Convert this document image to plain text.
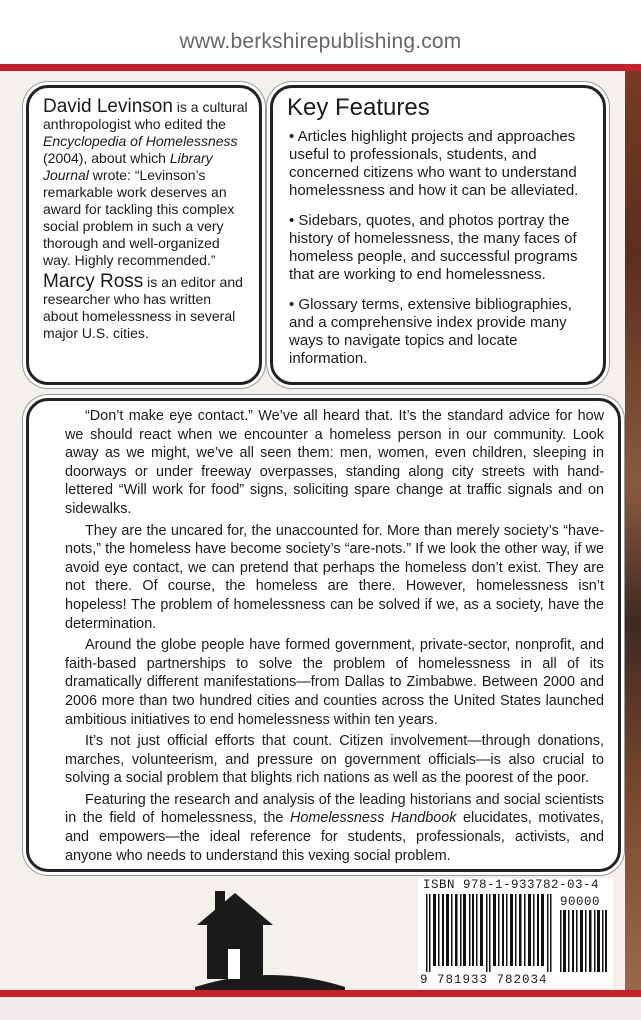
www.berkshirepublishing.com

David Levinson is a cultural anthropologist who edited the Encyclopedia of Homelessness (2004), about which Library Journal wrote: “Levinson’s remarkable work deserves an award for tackling this complex social problem in such a very thorough and well-organized way. Highly recommended.”

Marcy Ross is an editor and researcher who has written about homelessness in several major U.S. cities.

Key Features
• Articles highlight projects and approaches useful to professionals, students, and concerned citizens who want to understand homelessness and how it can be alleviated.
• Sidebars, quotes, and photos portray the history of homelessness, the many faces of homeless people, and successful programs that are working to end homelessness.
• Glossary terms, extensive bibliographies, and a comprehensive index provide many ways to navigate topics and locate information.

“Don’t make eye contact.” We’ve all heard that. It’s the standard advice for how we should react when we encounter a homeless person in our community. Look away as we might, we’ve all seen them: men, women, even children, sleeping in doorways or under freeway overpasses, standing along city streets with hand-lettered “Will work for food” signs, soliciting spare change at traffic signals and on sidewalks.

They are the uncared for, the unaccounted for. More than merely society’s “have-nots,” the homeless have become society’s “are-nots.” If we look the other way, if we avoid eye contact, we can pretend that perhaps the homeless don’t exist. They are not there. Of course, the homeless are there. However, homelessness isn’t hopeless! The problem of homelessness can be solved if we, as a society, have the determination.

Around the globe people have formed government, private-sector, nonprofit, and faith-based partnerships to solve the problem of homelessness in all of its dramatically different manifestations—from Dallas to Zimbabwe. Between 2000 and 2006 more than two hundred cities and counties across the United States launched ambitious initiatives to end homelessness within ten years.

It’s not just official efforts that count. Citizen involvement—through donations, marches, volunteerism, and pressure on government officials—is also crucial to solving a social problem that blights rich nations as well as the poorest of the poor.

Featuring the research and analysis of the leading historians and social scientists in the field of homelessness, the Homelessness Handbook elucidates, motivates, and empowers—the ideal reference for students, professionals, activists, and anyone who needs to understand this vexing social problem.

ISBN 978-1-933782-03-4
90000
9 781933 782034
